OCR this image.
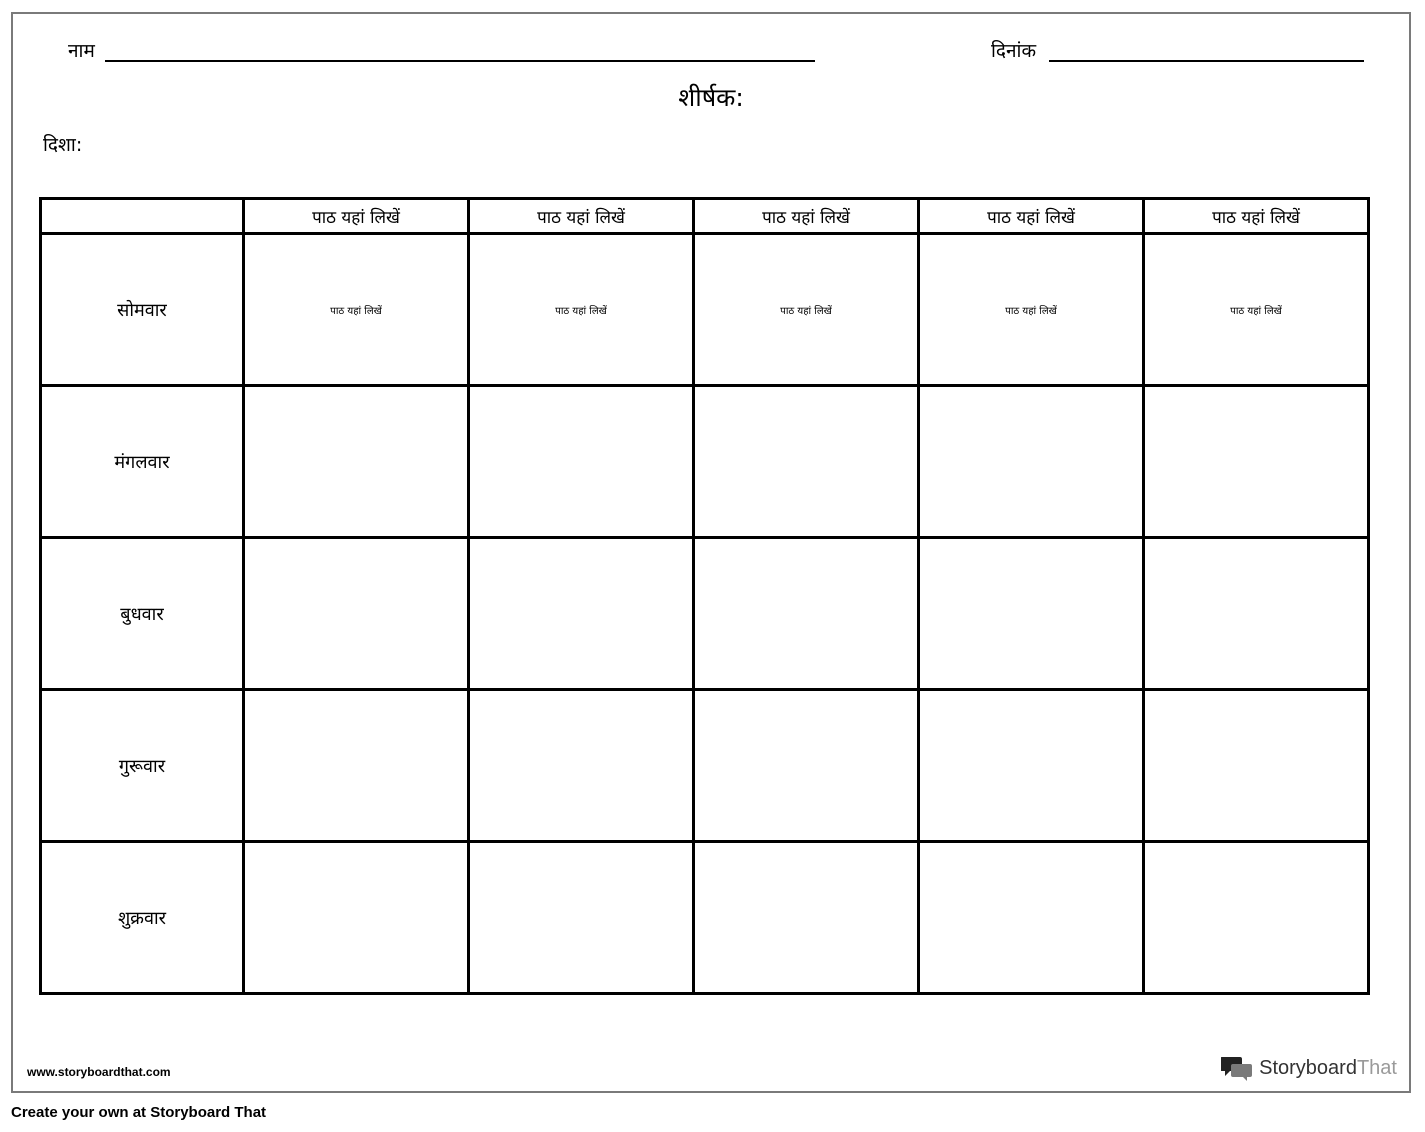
नाम	दिनांक
शीर्षक:
दिशा:
	पाठ यहां लिखें	पाठ यहां लिखें	पाठ यहां लिखें	पाठ यहां लिखें	पाठ यहां लिखें
सोमवार	पाठ यहां लिखें	पाठ यहां लिखें	पाठ यहां लिखें	पाठ यहां लिखें	पाठ यहां लिखें
मंगलवार					
बुधवार					
गुरूवार					
शुक्रवार					
www.storyboardthat.com	StoryboardThat
Create your own at Storyboard That
